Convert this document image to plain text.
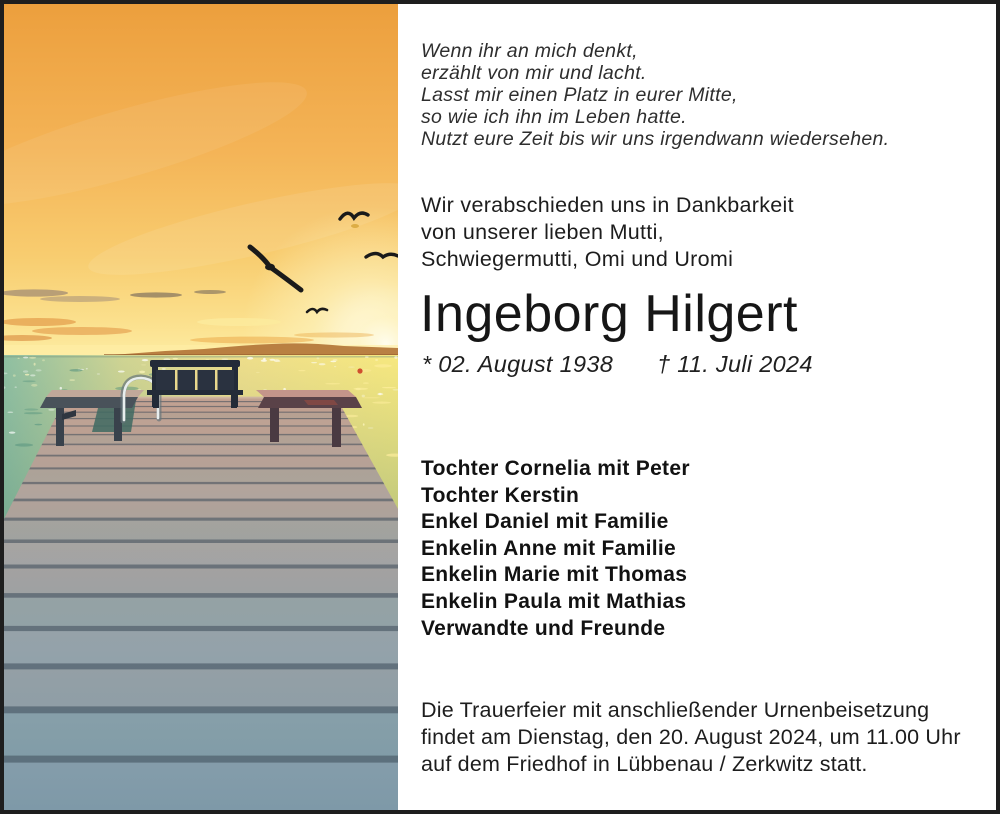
Wenn ihr an mich denkt,
erzählt von mir und lacht.
Lasst mir einen Platz in eurer Mitte,
so wie ich ihn im Leben hatte.
Nutzt eure Zeit bis wir uns irgendwann wiedersehen.
Wir verabschieden uns in Dankbarkeit
von unserer lieben Mutti,
Schwiegermutti, Omi und Uromi
Ingeborg Hilgert
* 02. August 1938 † 11. Juli 2024
Tochter Cornelia mit Peter
Tochter Kerstin
Enkel Daniel mit Familie
Enkelin Anne mit Familie
Enkelin Marie mit Thomas
Enkelin Paula mit Mathias
Verwandte und Freunde
Die Trauerfeier mit anschließender Urnenbeisetzung
findet am Dienstag, den 20. August 2024, um 11.00 Uhr
auf dem Friedhof in Lübbenau / Zerkwitz statt.
